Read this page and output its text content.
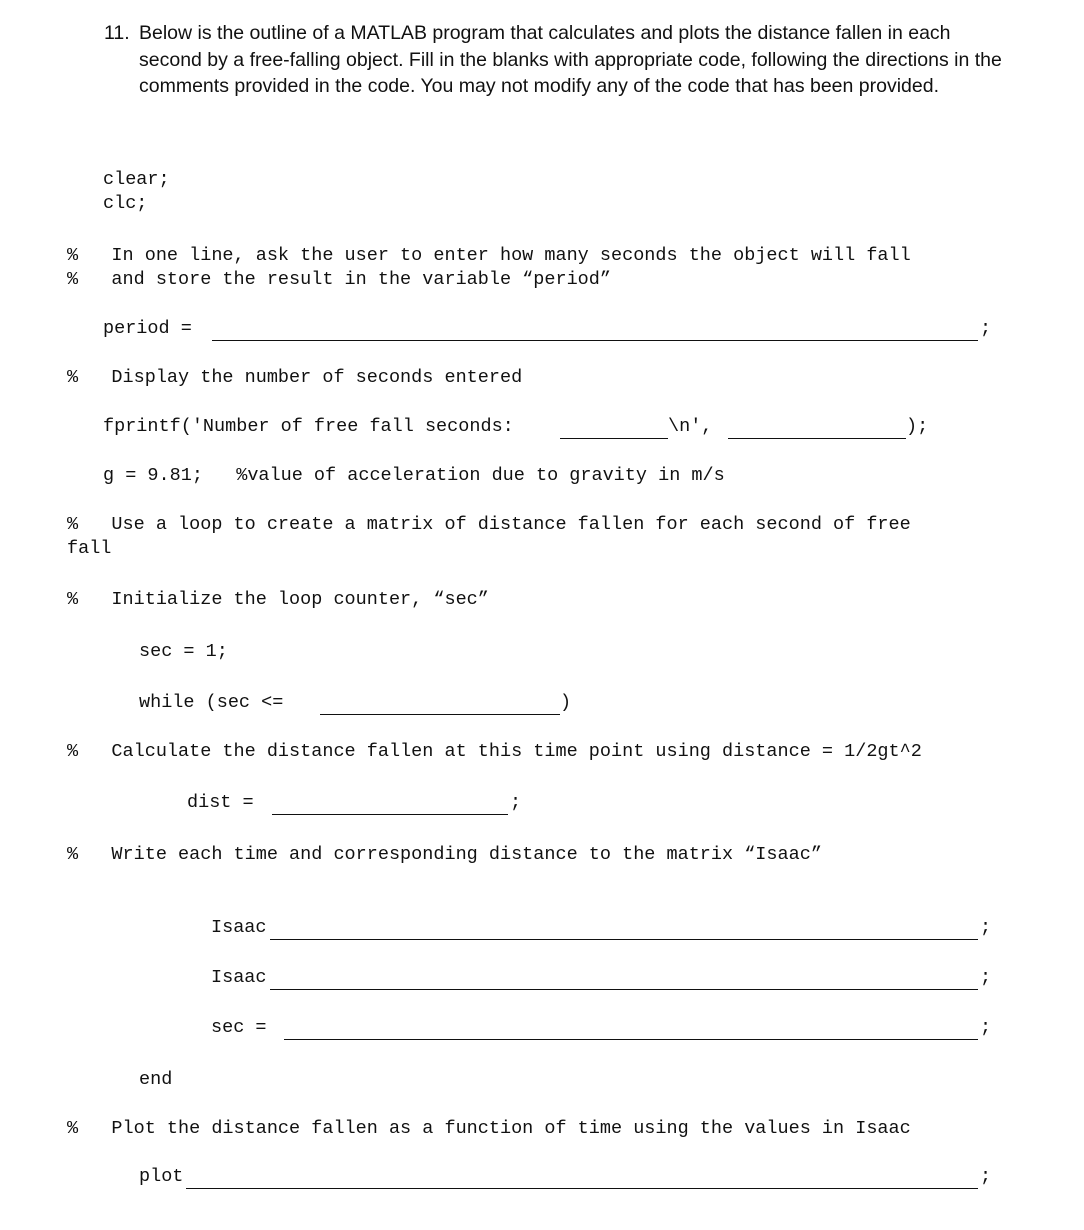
11. Below is the outline of a MATLAB program that calculates and plots the distance fallen in each second by a free-falling object. Fill in the blanks with appropriate code, following the directions in the comments provided in the code. You may not modify any of the code that has been provided.
clear;
clc;
%   In one line, ask the user to enter how many seconds the object will fall
%   and store the result in the variable “period”
period =	;
%   Display the number of seconds entered
fprintf('Number of free fall seconds:	\n',	);
g = 9.81;   %value of acceleration due to gravity in m/s
%   Use a loop to create a matrix of distance fallen for each second of free
fall
%   Initialize the loop counter, “sec”
sec = 1;
while (sec <=	)
%   Calculate the distance fallen at this time point using distance = 1/2gt^2
dist =	;
%   Write each time and corresponding distance to the matrix “Isaac”
Isaac	;
Isaac	;
sec =	;
end
%   Plot the distance fallen as a function of time using the values in Isaac
plot	;
